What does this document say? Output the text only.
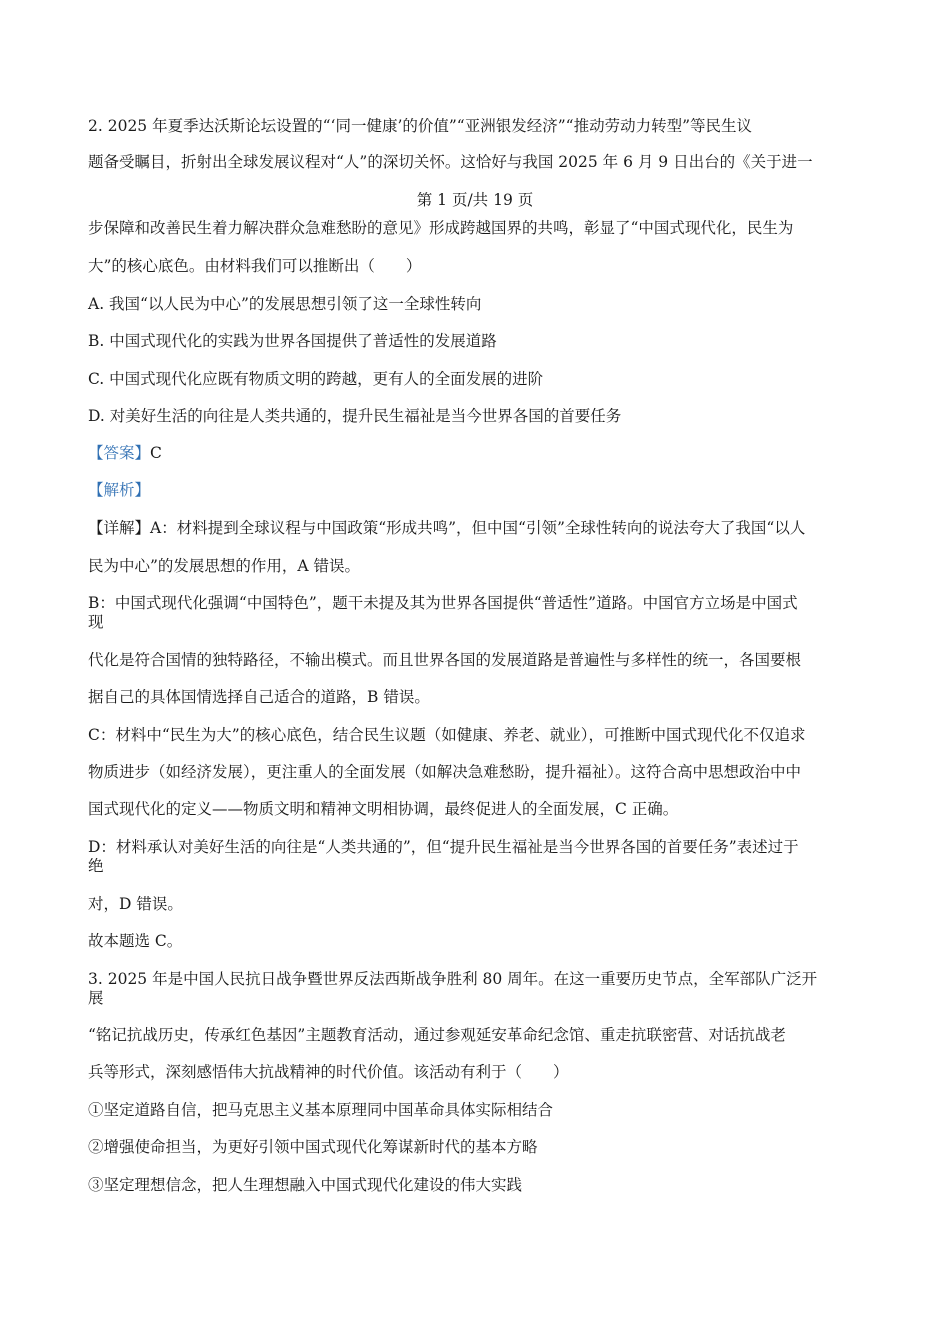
2. 2025 年夏季达沃斯论坛设置的“‘同一健康’的价值”“亚洲银发经济”“推动劳动力转型”等民生议
题备受瞩目，折射出全球发展议程对“人”的深切关怀。这恰好与我国 2025 年 6 月 9 日出台的《关于进一
第 1 页/共 19 页
步保障和改善民生着力解决群众急难愁盼的意见》形成跨越国界的共鸣，彰显了“中国式现代化，民生为
大”的核心底色。由材料我们可以推断出（　　）
A. 我国“以人民为中心”的发展思想引领了这一全球性转向
B. 中国式现代化的实践为世界各国提供了普适性的发展道路
C. 中国式现代化应既有物质文明的跨越，更有人的全面发展的进阶
D. 对美好生活的向往是人类共通的，提升民生福祉是当今世界各国的首要任务
【答案】C
【解析】
【详解】A：材料提到全球议程与中国政策“形成共鸣”，但中国“引领”全球性转向的说法夸大了我国“以人
民为中心”的发展思想的作用，A 错误。
B：中国式现代化强调“中国特色”，题干未提及其为世界各国提供“普适性”道路。中国官方立场是中国式
现
代化是符合国情的独特路径，不输出模式。而且世界各国的发展道路是普遍性与多样性的统一，各国要根
据自己的具体国情选择自己适合的道路，B 错误。
C：材料中“民生为大”的核心底色，结合民生议题（如健康、养老、就业），可推断中国式现代化不仅追求
物质进步（如经济发展），更注重人的全面发展（如解决急难愁盼，提升福祉）。这符合高中思想政治中中
国式现代化的定义——物质文明和精神文明相协调，最终促进人的全面发展，C 正确。
D：材料承认对美好生活的向往是“人类共通的”，但“提升民生福祉是当今世界各国的首要任务”表述过于
绝
对，D 错误。
故本题选 C。
3. 2025 年是中国人民抗日战争暨世界反法西斯战争胜利 80 周年。在这一重要历史节点，全军部队广泛开
展
“铭记抗战历史，传承红色基因”主题教育活动，通过参观延安革命纪念馆、重走抗联密营、对话抗战老
兵等形式，深刻感悟伟大抗战精神的时代价值。该活动有利于（　　）
①坚定道路自信，把马克思主义基本原理同中国革命具体实际相结合
②增强使命担当，为更好引领中国式现代化筹谋新时代的基本方略
③坚定理想信念，把人生理想融入中国式现代化建设的伟大实践
